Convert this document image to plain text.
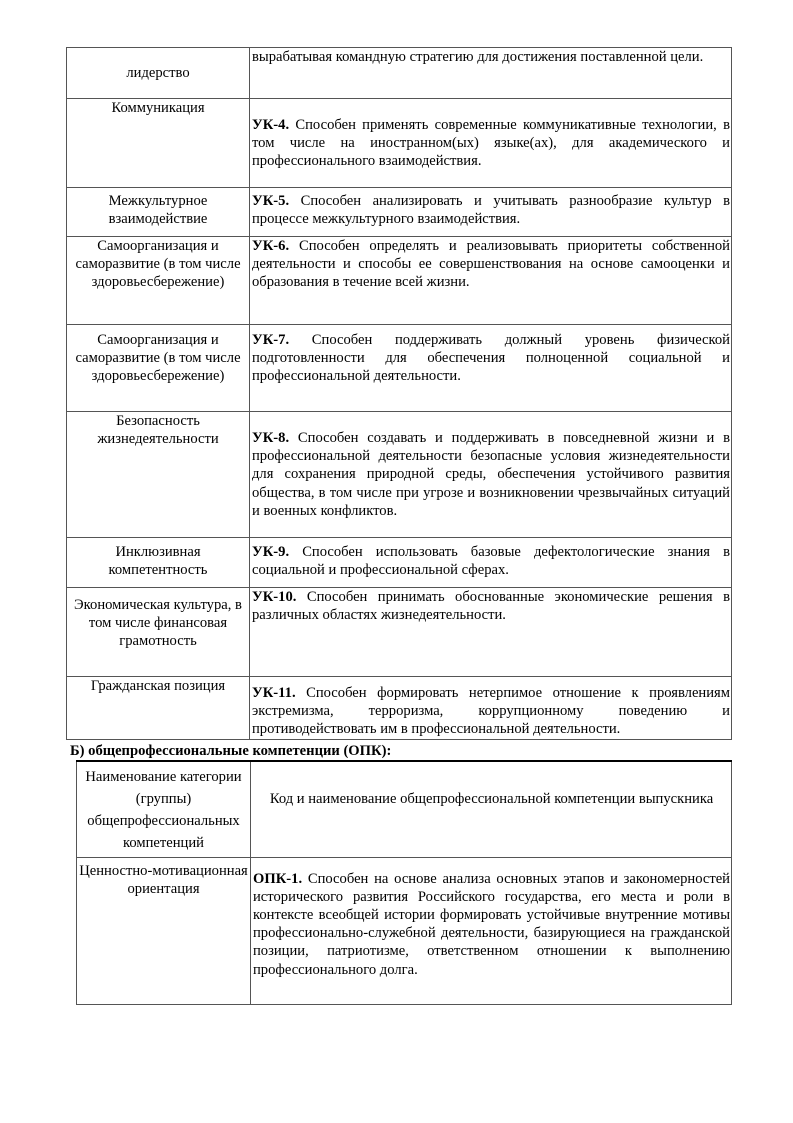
лидерство	вырабатывая командную стратегию для достижения поставленной цели.
Коммуникация	УК-4. Способен применять современные коммуникативные технологии, в том числе на иностранном(ых) языке(ах), для академического и профессионального взаимодействия.
Межкультурное взаимодействие	УК-5. Способен анализировать и учитывать разнообразие культур в процессе межкультурного взаимодействия.
Самоорганизация и саморазвитие (в том числе здоровьесбережение)	УК-6. Способен определять и реализовывать приоритеты собственной деятельности и способы ее совершенствования на основе самооценки и образования в течение всей жизни.
Самоорганизация и саморазвитие (в том числе здоровьесбережение)	УК-7. Способен поддерживать должный уровень физической подготовленности для обеспечения полноценной социальной и профессиональной деятельности.
Безопасность жизнедеятельности	УК-8. Способен создавать и поддерживать в повседневной жизни и в профессиональной деятельности безопасные условия жизнедеятельности для сохранения природной среды, обеспечения устойчивого развития общества, в том числе при угрозе и возникновении чрезвычайных ситуаций и военных конфликтов.
Инклюзивная компетентность	УК-9. Способен использовать базовые дефектологические знания в социальной и профессиональной сферах.
Экономическая культура, в том числе финансовая грамотность	УК-10. Способен принимать обоснованные экономические решения в различных областях жизнедеятельности.
Гражданская позиция	УК-11. Способен формировать нетерпимое отношение к проявлениям экстремизма, терроризма, коррупционному поведению и противодействовать им в профессиональной деятельности.
Б) общепрофессиональные компетенции (ОПК):
Наименование категории (группы) общепрофессиональных компетенций	Код и наименование общепрофессиональной компетенции выпускника
Ценностно-мотивационная ориентация	ОПК-1. Способен на основе анализа основных этапов и закономерностей исторического развития Российского государства, его места и роли в контексте всеобщей истории формировать устойчивые внутренние мотивы профессионально-служебной деятельности, базирующиеся на гражданской позиции, патриотизме, ответственном отношении к выполнению профессионального долга.
